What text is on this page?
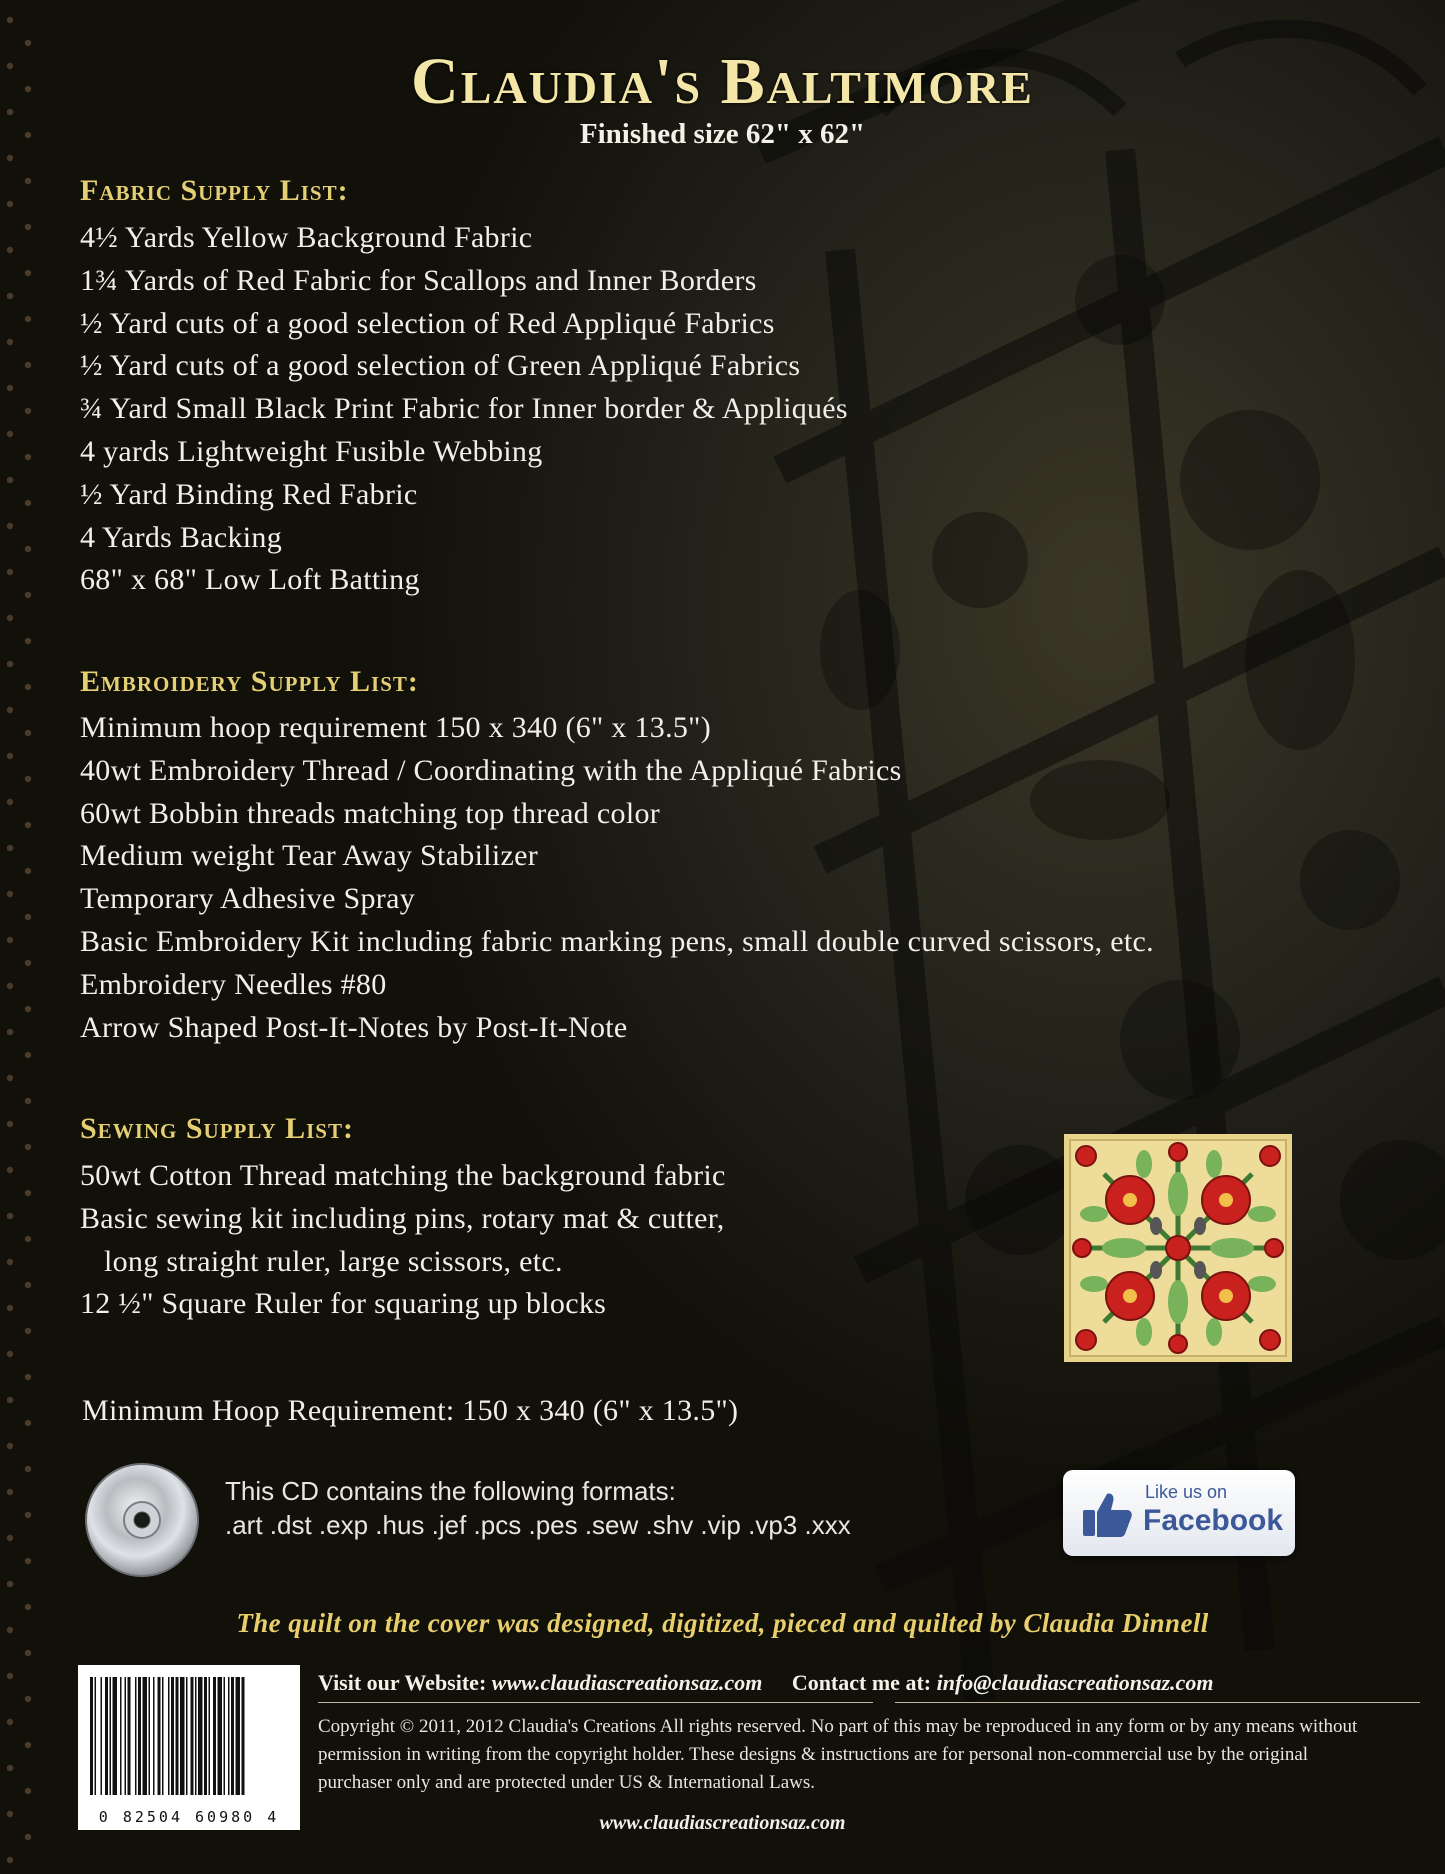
Claudia's Baltimore
Finished size 62" x 62"
Fabric Supply List:
4½ Yards Yellow Background Fabric
1¾ Yards of Red Fabric for Scallops and Inner Borders
½ Yard cuts of a good selection of Red Appliqué Fabrics
½ Yard cuts of a good selection of Green Appliqué Fabrics
¾ Yard Small Black Print Fabric for Inner border & Appliqués
4 yards Lightweight Fusible Webbing
½ Yard Binding Red Fabric
4 Yards Backing
68" x 68" Low Loft Batting
Embroidery Supply List:
Minimum hoop requirement 150 x 340 (6" x 13.5")
40wt Embroidery Thread / Coordinating with the Appliqué Fabrics
60wt Bobbin threads matching top thread color
Medium weight Tear Away Stabilizer
Temporary Adhesive Spray
Basic Embroidery Kit including fabric marking pens, small double curved scissors, etc.
Embroidery Needles #80
Arrow Shaped Post-It-Notes by Post-It-Note
Sewing Supply List:
50wt Cotton Thread matching the background fabric
Basic sewing kit including pins, rotary mat & cutter,
long straight ruler, large scissors, etc.
12 ½" Square Ruler for squaring up blocks
Minimum Hoop Requirement: 150 x 340 (6" x 13.5")
This CD contains the following formats:
.art .dst .exp .hus .jef .pcs .pes .sew .shv .vip .vp3 .xxx
Like us on
Facebook
The quilt on the cover was designed, digitized, pieced and quilted by Claudia Dinnell
0 82504 60980 4
Visit our Website: www.claudiascreationsaz.com Contact me at: info@claudiascreationsaz.com
Copyright © 2011, 2012 Claudia's Creations All rights reserved. No part of this may be reproduced in any form or by any means without permission in writing from the copyright holder. These designs & instructions are for personal non-commercial use by the original purchaser only and are protected under US & International Laws.
www.claudiascreationsaz.com
